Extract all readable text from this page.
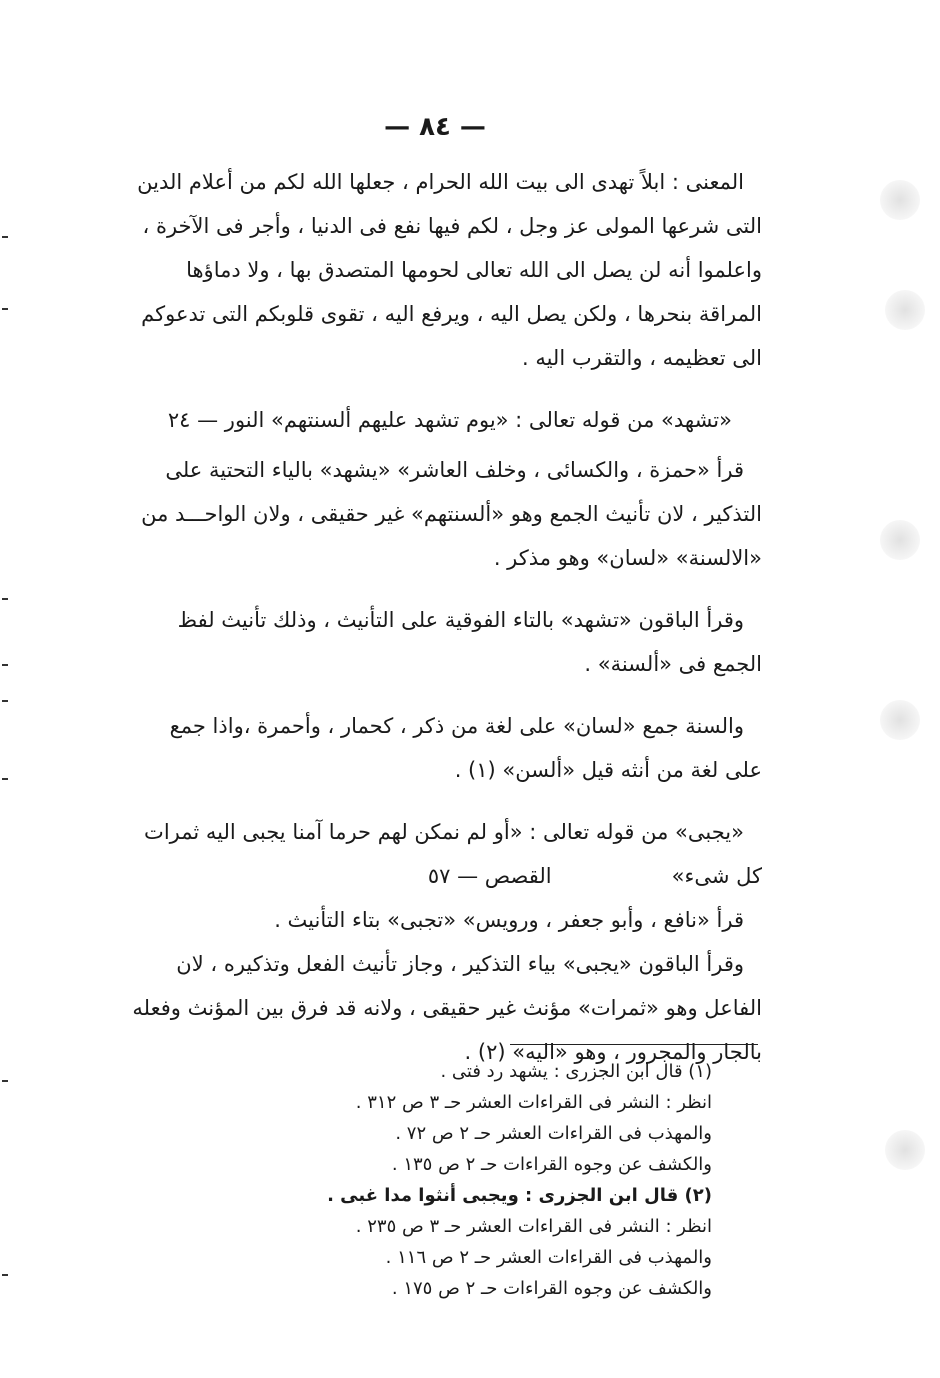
— ٨٤ —
المعنى : ابلاً تهدى الى بيت الله الحرام ، جعلها الله لكم من أعلام الدين
التى شرعها المولى عز وجل ، لكم فيها نفع فى الدنيا ، وأجر فى الآخرة ،
واعلموا أنه لن يصل الى الله تعالى لحومها المتصدق بها ، ولا دماؤها
المراقة بنحرها ، ولكن يصل اليه ، ويرفع اليه ، تقوى قلوبكم التى تدعوكم
الى تعظيمه ، والتقرب اليه .
«تشهد» من قوله تعالى : «يوم تشهد عليهم ألسنتهم» النور — ٢٤
قرأ «حمزة ، والكسائى ، وخلف العاشر» «يشهد» بالياء التحتية على
التذكير ، لان تأنيث الجمع وهو «ألسنتهم» غير حقيقى ، ولان الواحـــد من
«الالسنة» «لسان» وهو مذكر .
وقرأ الباقون «تشهد» بالتاء الفوقية على التأنيث ، وذلك تأنيث لفظ
الجمع فى «ألسنة» .
والسنة جمع «لسان» على لغة من ذكر ، كحمار ، وأحمرة ،واذا جمع
على لغة من أنثه قيل «ألسن» (١) .
«يجبى» من قوله تعالى : «أو لم نمكن لهم حرما آمنا يجبى اليه ثمرات
كل شىء»
القصص — ٥٧
قرأ «نافع ، وأبو جعفر ، ورويس» «تجبى» بتاء التأنيث .
وقرأ الباقون «يجبى» بياء التذكير ، وجاز تأنيث الفعل وتذكيره ، لان
الفاعل وهو «ثمرات» مؤنث غير حقيقى ، ولانه قد فرق بين المؤنث وفعله
بالجار والمجرور ، وهو «اليه» (٢) .
(١) قال ابن الجزرى : يشهد رد فتى .
انظر : النشر فى القراءات العشر حـ ٣ ص ٣١٢ .
والمهذب فى القراءات العشر حـ ٢ ص ٧٢ .
والكشف عن وجوه القراءات حـ ٢ ص ١٣٥ .
(٢) قال ابن الجزرى : ويجبى أنثوا مدا غبى .
انظر : النشر فى القراءات العشر حـ ٣ ص ٢٣٥ .
والمهذب فى القراءات العشر حـ ٢ ص ١١٦ .
والكشف عن وجوه القراءات حـ ٢ ص ١٧٥ .
